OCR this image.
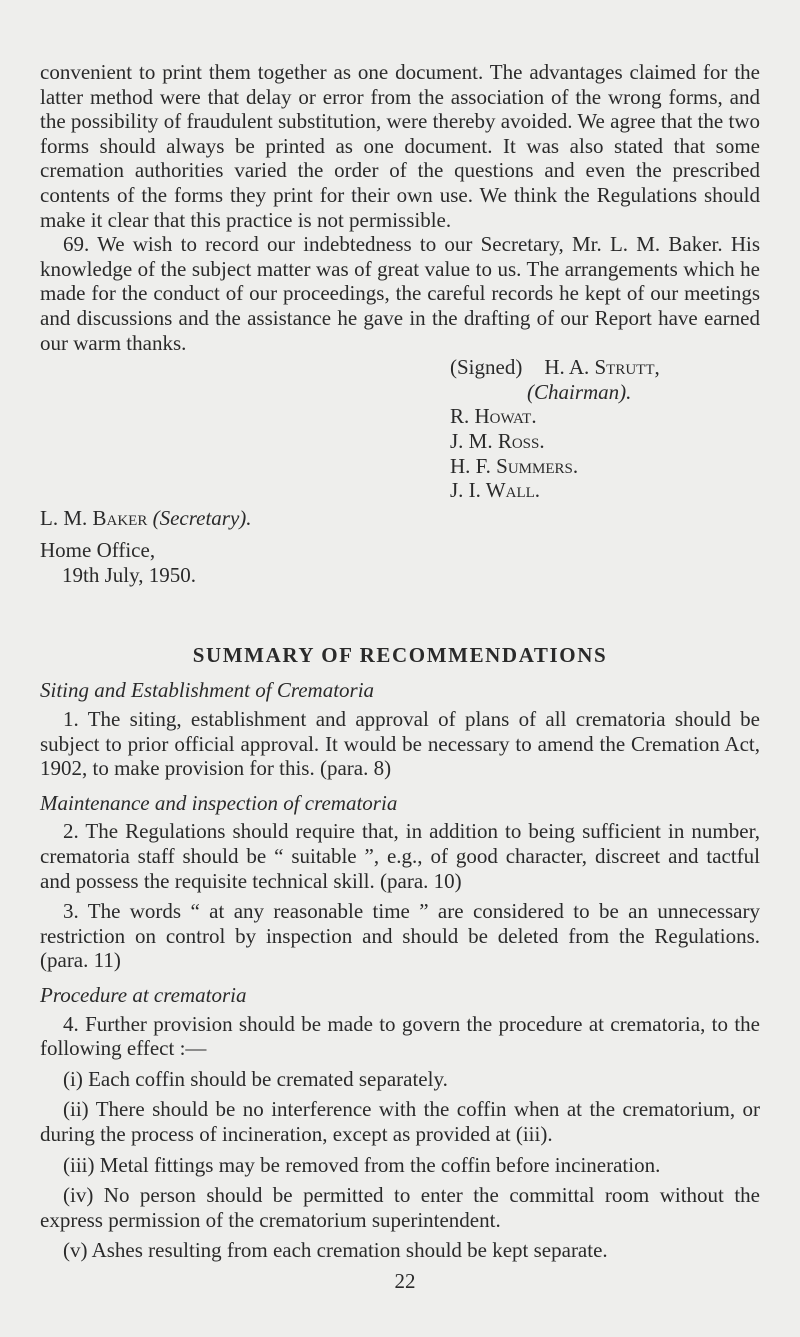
convenient to print them together as one document. The advantages claimed for the latter method were that delay or error from the association of the wrong forms, and the possibility of fraudulent substitution, were thereby avoided. We agree that the two forms should always be printed as one document. It was also stated that some cremation authorities varied the order of the questions and even the prescribed contents of the forms they print for their own use. We think the Regulations should make it clear that this practice is not permissible.

69. We wish to record our indebtedness to our Secretary, Mr. L. M. Baker. His knowledge of the subject matter was of great value to us. The arrangements which he made for the conduct of our proceedings, the careful records he kept of our meetings and discussions and the assistance he gave in the drafting of our Report have earned our warm thanks.

(Signed) H. A. Strutt,
(Chairman).
R. Howat.
J. M. Ross.
H. F. Summers.
J. I. Wall.

L. M. Baker (Secretary).

Home Office,

19th July, 1950.

SUMMARY OF RECOMMENDATIONS

Siting and Establishment of Crematoria

1. The siting, establishment and approval of plans of all crematoria should be subject to prior official approval. It would be necessary to amend the Cremation Act, 1902, to make provision for this. (para. 8)

Maintenance and inspection of crematoria

2. The Regulations should require that, in addition to being sufficient in number, crematoria staff should be “ suitable ”, e.g., of good character, discreet and tactful and possess the requisite technical skill. (para. 10)

3. The words “ at any reasonable time ” are considered to be an unnecessary restriction on control by inspection and should be deleted from the Regulations. (para. 11)

Procedure at crematoria

4. Further provision should be made to govern the procedure at crematoria, to the following effect :—

(i) Each coffin should be cremated separately.

(ii) There should be no interference with the coffin when at the crematorium, or during the process of incineration, except as provided at (iii).

(iii) Metal fittings may be removed from the coffin before incineration.

(iv) No person should be permitted to enter the committal room without the express permission of the crematorium superintendent.

(v) Ashes resulting from each cremation should be kept separate.

22
